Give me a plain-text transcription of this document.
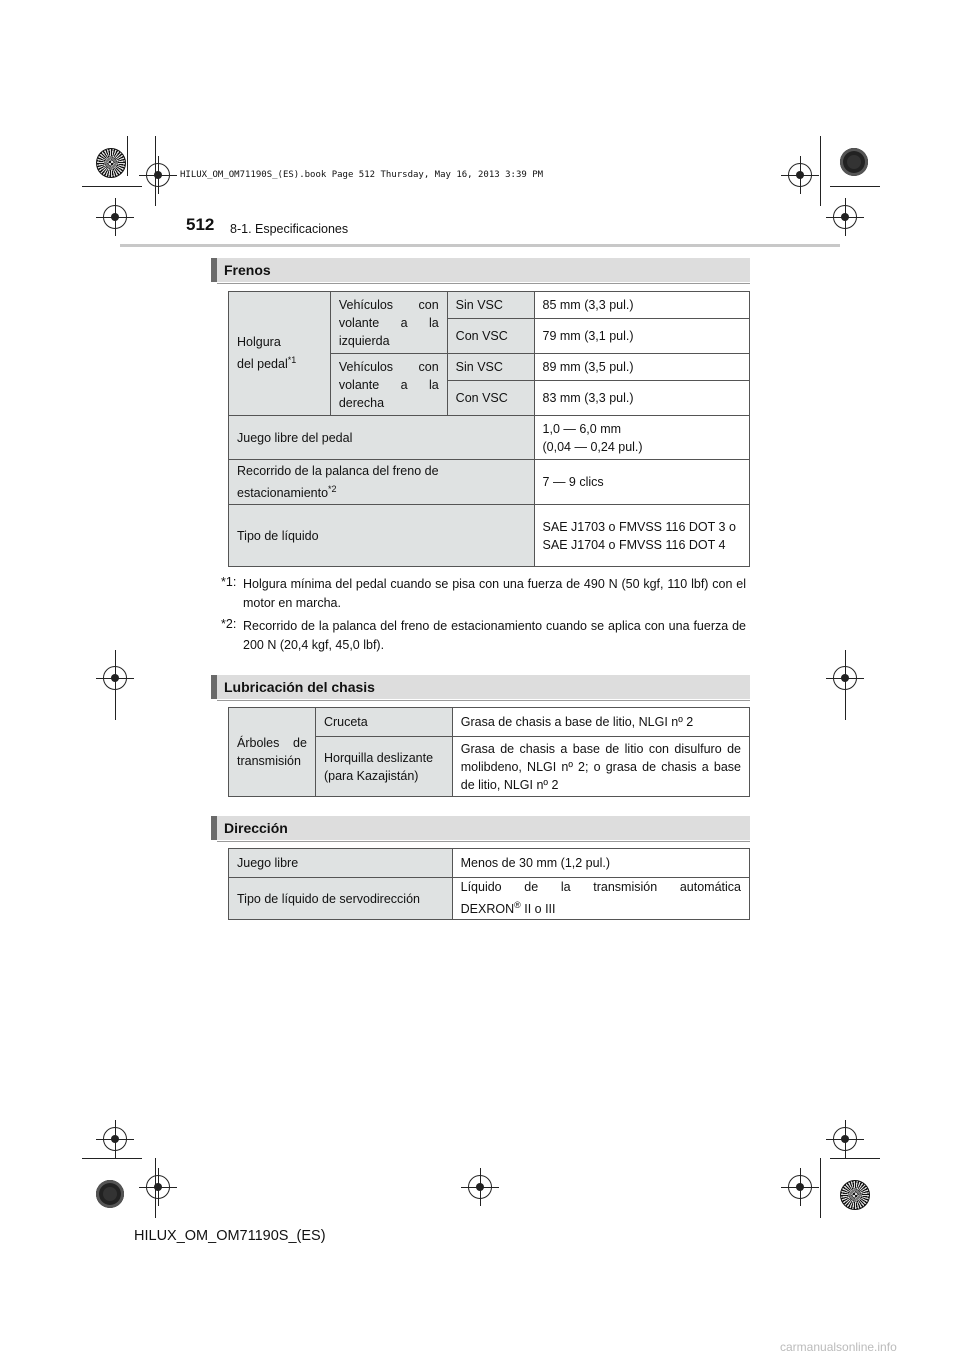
HILUX_OM_OM71190S_(ES).book Page 512 Thursday, May 16, 2013 3:39 PM
512 8-1. Especificaciones
Frenos
Holgura
del pedal$^{*1}$	Vehículos con volante a la izquierda	Sin VSC	85 mm (3,3 pul.)
		Con VSC	79 mm (3,1 pul.)
	Vehículos con volante a la derecha	Sin VSC	89 mm (3,5 pul.)
		Con VSC	83 mm (3,3 pul.)
Juego libre del pedal			1,0 — 6,0 mm
(0,04 — 0,24 pul.)
Recorrido de la palanca del freno de
estacionamiento$^{*2}$			7 — 9 clics
Tipo de líquido			SAE J1703 o FMVSS 116 DOT 3 o SAE J1704 o FMVSS 116 DOT 4
*1: Holgura mínima del pedal cuando se pisa con una fuerza de 490 N (50 kgf, 110 lbf) con el motor en marcha.
*2: Recorrido de la palanca del freno de estacionamiento cuando se aplica con una fuerza de 200 N (20,4 kgf, 45,0 lbf).
Lubricación del chasis
Árboles de transmisión	Cruceta	Grasa de chasis a base de litio, NLGI nº 2
	Horquilla deslizante
(para Kazajistán)	Grasa de chasis a base de litio con disulfuro de molibdeno, NLGI nº 2; o grasa de chasis a base de litio, NLGI nº 2
Dirección
Juego libre	Menos de 30 mm (1,2 pul.)
Tipo de líquido de servodirección	Líquido de la transmisión automática
DEXRON® II o III
HILUX_OM_OM71190S_(ES)
carmanualsonline.info
